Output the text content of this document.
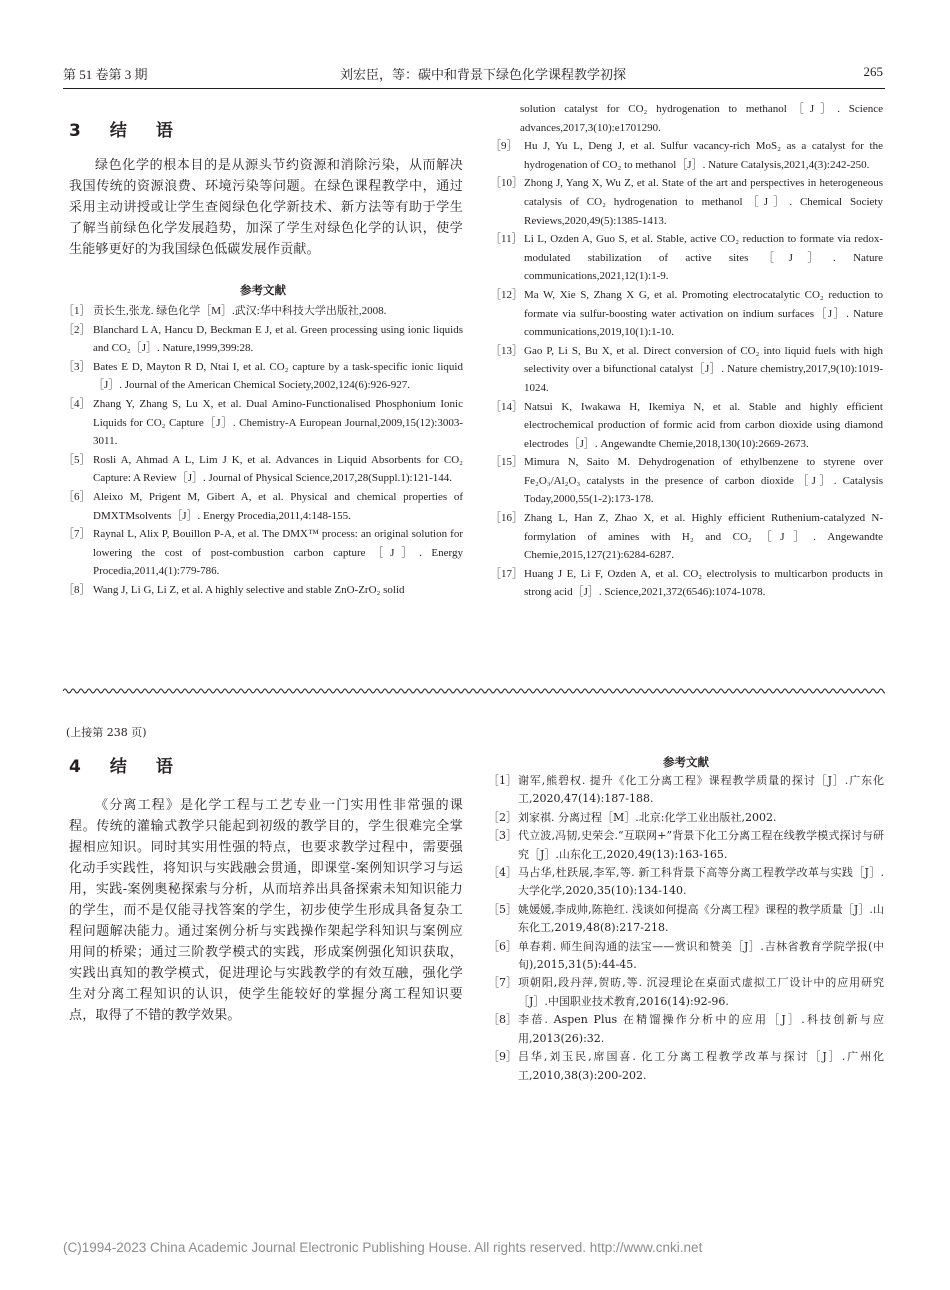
第 51 卷第 3 期	刘宏臣，等：碳中和背景下绿色化学课程教学初探	265
3　结　语

绿色化学的根本目的是从源头节约资源和消除污染，从而解决我国传统的资源浪费、环境污染等问题。在绿色课程教学中，通过采用主动讲授或让学生查阅绿色化学新技术、新方法等有助于学生了解当前绿色化学发展趋势，加深了学生对绿色化学的认识，使学生能够更好的为我国绿色低碳发展作贡献。

参考文献
［1］ 贡长生,张龙. 绿色化学［M］.武汉:华中科技大学出版社,2008.
［2］ Blanchard L A, Hancu D, Beckman E J, et al. Green processing using ionic liquids and CO₂［J］. Nature,1999,399:28.
［3］ Bates E D, Mayton R D, Ntai I, et al. CO₂ capture by a task-specific ionic liquid［J］. Journal of the American Chemical Society,2002,124(6):926-927.
［4］ Zhang Y, Zhang S, Lu X, et al. Dual Amino-Functionalised Phosphonium Ionic Liquids for CO₂ Capture［J］. Chemistry-A European Journal,2009,15(12):3003-3011.
［5］ Rosli A, Ahmad A L, Lim J K, et al. Advances in Liquid Absorbents for CO₂ Capture: A Review［J］. Journal of Physical Science,2017,28(Suppl.1):121-144.
［6］ Aleixo M, Prigent M, Gibert A, et al. Physical and chemical properties of DMXTMsolvents［J］. Energy Procedia,2011,4:148-155.
［7］ Raynal L, Alix P, Bouillon P-A, et al. The DMX™ process: an original solution for lowering the cost of post-combustion carbon capture［J］. Energy Procedia,2011,4(1):779-786.
［8］ Wang J, Li G, Li Z, et al. A highly selective and stable ZnO-ZrO₂ solid
solution catalyst for CO₂ hydrogenation to methanol［J］. Science advances,2017,3(10):e1701290.
［9］ Hu J, Yu L, Deng J, et al. Sulfur vacancy-rich MoS₂ as a catalyst for the hydrogenation of CO₂ to methanol［J］. Nature Catalysis,2021,4(3):242-250.
［10］ Zhong J, Yang X, Wu Z, et al. State of the art and perspectives in heterogeneous catalysis of CO₂ hydrogenation to methanol［J］. Chemical Society Reviews,2020,49(5):1385-1413.
［11］ Li L, Ozden A, Guo S, et al. Stable, active CO₂ reduction to formate via redox-modulated stabilization of active sites［J］. Nature communications,2021,12(1):1-9.
［12］ Ma W, Xie S, Zhang X G, et al. Promoting electrocatalytic CO₂ reduction to formate via sulfur-boosting water activation on indium surfaces［J］. Nature communications,2019,10(1):1-10.
［13］ Gao P, Li S, Bu X, et al. Direct conversion of CO₂ into liquid fuels with high selectivity over a bifunctional catalyst［J］. Nature chemistry,2017,9(10):1019-1024.
［14］ Natsui K, Iwakawa H, Ikemiya N, et al. Stable and highly efficient electrochemical production of formic acid from carbon dioxide using diamond electrodes［J］. Angewandte Chemie,2018,130(10):2669-2673.
［15］ Mimura N, Saito M. Dehydrogenation of ethylbenzene to styrene over Fe₂O₃/Al₂O₃ catalysts in the presence of carbon dioxide［J］. Catalysis Today,2000,55(1-2):173-178.
［16］ Zhang L, Han Z, Zhao X, et al. Highly efficient Ruthenium-catalyzed N-formylation of amines with H₂ and CO₂［J］. Angewandte Chemie,2015,127(21):6284-6287.
［17］ Huang J E, Li F, Ozden A, et al. CO₂ electrolysis to multicarbon products in strong acid［J］. Science,2021,372(6546):1074-1078.
(上接第 238 页)
4　结　语

《分离工程》是化学工程与工艺专业一门实用性非常强的课程。传统的灌输式教学只能起到初级的教学目的，学生很难完全掌握相应知识。同时其实用性强的特点，也要求教学过程中，需要强化动手实践性，将知识与实践融会贯通，即课堂-案例知识学习与运用，实践-案例奥秘探索与分析，从而培养出具备探索未知知识能力的学生，而不是仅能寻找答案的学生，初步使学生形成具备复杂工程问题解决能力。通过案例分析与实践操作架起学科知识与案例应用间的桥梁；通过三阶教学模式的实践，形成案例强化知识获取，实践出真知的教学模式，促进理论与实践教学的有效互融，强化学生对分离工程知识的认识，使学生能较好的掌握分离工程知识要点，取得了不错的教学效果。

参考文献
［1］ 谢军,熊碧权. 提升《化工分离工程》课程教学质量的探讨［J］.广东化工,2020,47(14):187-188.
［2］ 刘家祺. 分离过程［M］.北京:化学工业出版社,2002.
［3］ 代立波,冯韧,史荣会.“互联网+”背景下化工分离工程在线教学模式探讨与研究［J］.山东化工,2020,49(13):163-165.
［4］ 马占华,杜跃展,李军,等. 新工科背景下高等分离工程教学改革与实践［J］.大学化学,2020,35(10):134-140.
［5］ 姚媛媛,李成帅,陈艳红. 浅谈如何提高《分离工程》课程的教学质量［J］.山东化工,2019,48(8):217-218.
［6］ 单春莉. 师生间沟通的法宝——赏识和赞美［J］.吉林省教育学院学报(中旬),2015,31(5):44-45.
［7］ 项朝阳,段丹萍,贺昉,等. 沉浸理论在桌面式虚拟工厂设计中的应用研究［J］.中国职业技术教育,2016(14):92-96.
［8］ 李蓓. Aspen Plus 在精馏操作分析中的应用［J］.科技创新与应用,2013(26):32.
［9］ 吕华,刘玉民,席国喜. 化工分离工程教学改革与探讨［J］.广州化工,2010,38(3):200-202.
(C)1994-2023 China Academic Journal Electronic Publishing House. All rights reserved. http://www.cnki.net
